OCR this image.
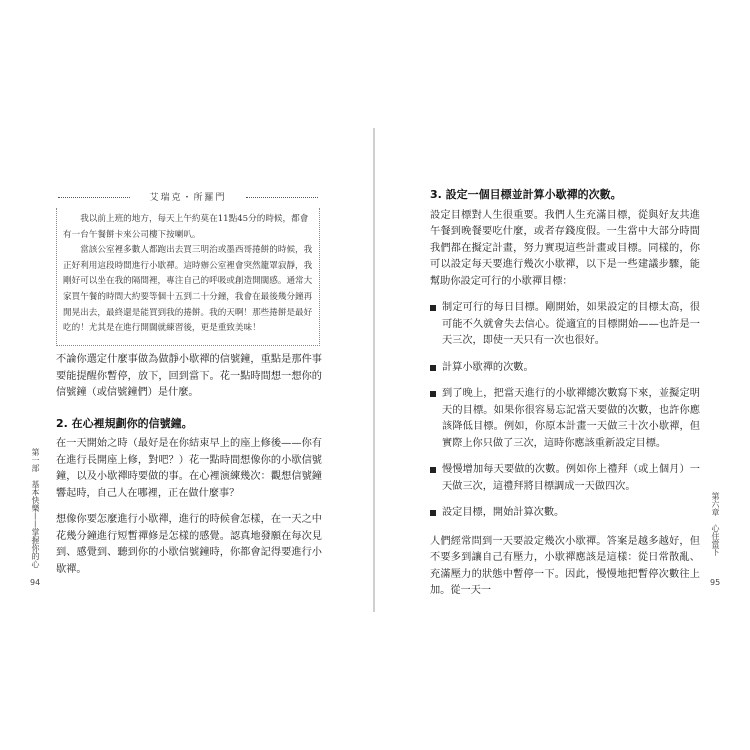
艾瑞克・所羅門

我以前上班的地方，每天上午約莫在11點45分的時候，都會有一台午餐餅卡來公司樓下按喇叭。

當該公室裡多數人都跑出去買三明治或墨西哥捲餅的時候，我正好利用這段時間進行小歇禪。這時辦公室裡會突然籠罩寂靜，我剛好可以坐在我的隔間裡，專注自己的呼吸或創造開闊感。通常大家買午餐的時間大約要等個十五到二十分鐘，我會在最後幾分鐘再閒晃出去，最終還是能買到我的捲餅。我的天啊！那些捲餅是最好吃的！尤其是在進行開闊就練習後，更是重致美味！

不論你選定什麼事做為做靜小歇禪的信號鐘，重點是那件事要能提醒你暫停，放下，回到當下。花一點時間想一想你的信號鐘（或信號鐘們）是什麼。

2. 在心裡規劃你的信號鐘。

在一天開始之時（最好是在你結束早上的座上修後——你有在進行長開座上修，對吧？）花一點時間想像你的小歇信號鐘，以及小歇禪時要做的事。在心裡演練幾次：觀想信號鐘響起時，自己人在哪裡，正在做什麼事？

想像你要怎麼進行小歇禪，進行的時候會怎樣，在一天之中花幾分鐘進行短暫禪修是怎樣的感覺。認真地發願在每次見到、感覺到、聽到你的小歇信號鐘時，你都會記得要進行小歇禪。

第一部　基本快樂——掌握你的心
94

3. 設定一個目標並計算小歇禪的次數。

設定目標對人生很重要。我們人生充滿目標，從與好友共進午餐到晚餐要吃什麼，或者存錢度假。一生當中大部分時間我們都在擬定計畫，努力實現這些計畫或目標。同樣的，你可以設定每天要進行幾次小歇禪，以下是一些建議步驟，能幫助你設定可行的小歇禪目標：

制定可行的每日目標。剛開始，如果設定的目標太高，很可能不久就會失去信心。從適宜的目標開始——也許是一天三次，即使一天只有一次也很好。
計算小歇禪的次數。
到了晚上，把當天進行的小歇禪總次數寫下來，並擬定明天的目標。如果你很容易忘記當天要做的次數，也許你應該降低目標。例如，你原本計畫一天做三十次小歇禪，但實際上你只做了三次，這時你應該重新設定目標。
慢慢增加每天要做的次數。例如你上禮拜（或上個月）一天做三次，這禮拜將目標調成一天做四次。
設定目標，開始計算次數。

人們經常問到一天要設定幾次小歇禪。答案是越多越好，但不要多到讓自己有壓力，小歇禪應該是這樣：從日常散亂、充滿壓力的狀態中暫停一下。因此，慢慢地把暫停次數往上加。從一天一

第六章　心住當下
95
